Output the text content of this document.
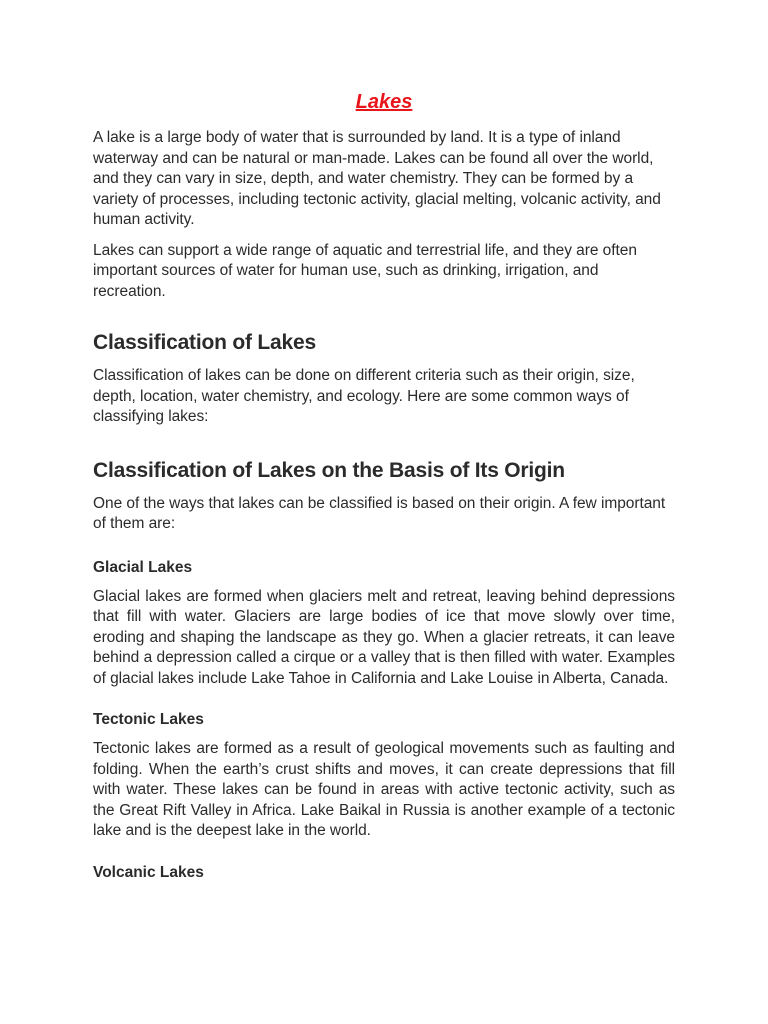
Lakes

A lake is a large body of water that is surrounded by land. It is a type of inland waterway and can be natural or man-made. Lakes can be found all over the world, and they can vary in size, depth, and water chemistry. They can be formed by a variety of processes, including tectonic activity, glacial melting, volcanic activity, and human activity.

Lakes can support a wide range of aquatic and terrestrial life, and they are often important sources of water for human use, such as drinking, irrigation, and recreation.

Classification of Lakes

Classification of lakes can be done on different criteria such as their origin, size, depth, location, water chemistry, and ecology. Here are some common ways of classifying lakes:

Classification of Lakes on the Basis of Its Origin

One of the ways that lakes can be classified is based on their origin. A few important of them are:

Glacial Lakes

Glacial lakes are formed when glaciers melt and retreat, leaving behind depressions that fill with water. Glaciers are large bodies of ice that move slowly over time, eroding and shaping the landscape as they go. When a glacier retreats, it can leave behind a depression called a cirque or a valley that is then filled with water. Examples of glacial lakes include Lake Tahoe in California and Lake Louise in Alberta, Canada.

Tectonic Lakes

Tectonic lakes are formed as a result of geological movements such as faulting and folding. When the earth’s crust shifts and moves, it can create depressions that fill with water. These lakes can be found in areas with active tectonic activity, such as the Great Rift Valley in Africa. Lake Baikal in Russia is another example of a tectonic lake and is the deepest lake in the world.

Volcanic Lakes
